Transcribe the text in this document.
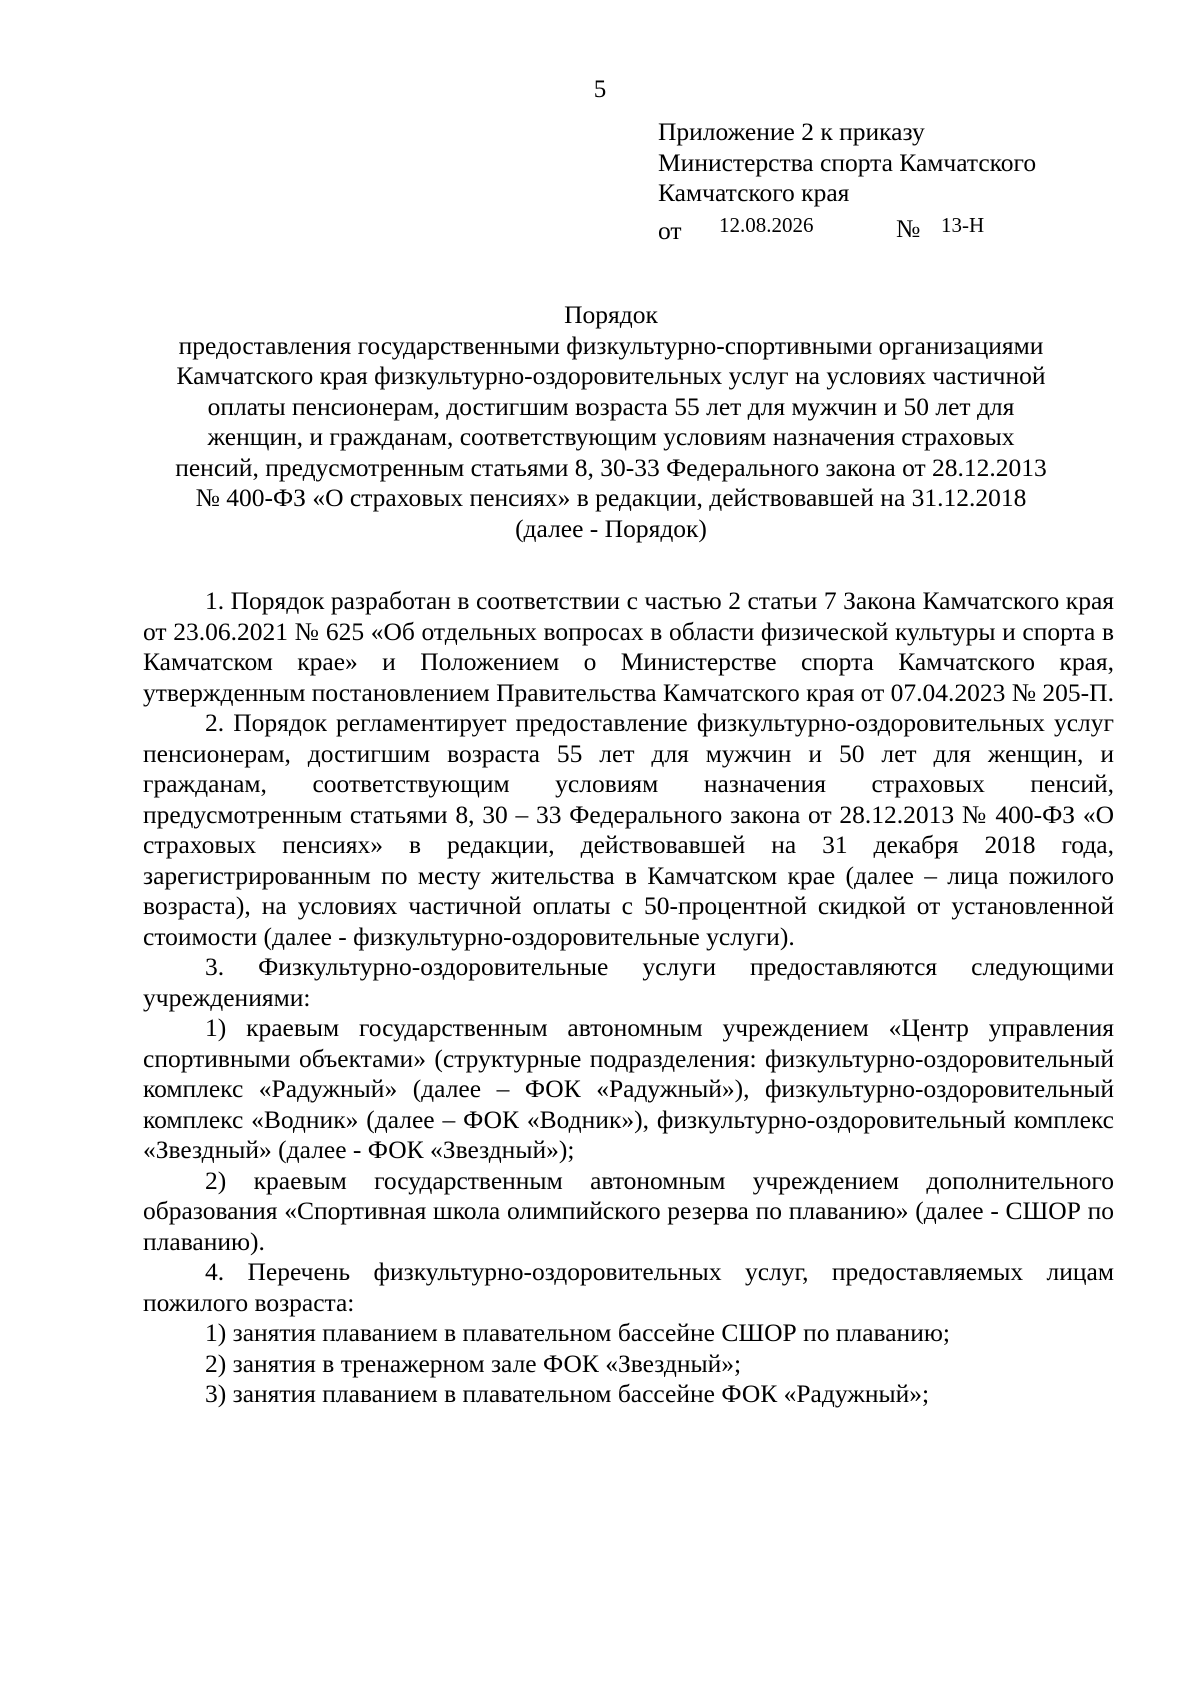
5

Приложение 2 к приказу
Министерства спорта Камчатского
Камчатского края
от 12.08.2026	№ 13-Н
Порядок
предоставления государственными физкультурно-спортивными организациями
Камчатского края физкультурно-оздоровительных услуг на условиях частичной
оплаты пенсионерам, достигшим возраста 55 лет для мужчин и 50 лет для
женщин, и гражданам, соответствующим условиям назначения страховых
пенсий, предусмотренным статьями 8, 30-33 Федерального закона от 28.12.2013
№ 400-ФЗ «О страховых пенсиях» в редакции, действовавшей на 31.12.2018
(далее - Порядок)

1. Порядок разработан в соответствии с частью 2 статьи 7 Закона Камчатского края от 23.06.2021 № 625 «Об отдельных вопросах в области физической культуры и спорта в Камчатском крае» и Положением о Министерстве спорта Камчатского края, утвержденным постановлением Правительства Камчатского края от 07.04.2023 № 205-П.

2. Порядок регламентирует предоставление физкультурно-оздоровительных услуг пенсионерам, достигшим возраста 55 лет для мужчин и 50 лет для женщин, и гражданам, соответствующим условиям назначения страховых пенсий, предусмотренным статьями 8, 30 – 33 Федерального закона от 28.12.2013 № 400-ФЗ «О страховых пенсиях» в редакции, действовавшей на 31 декабря 2018 года, зарегистрированным по месту жительства в Камчатском крае (далее – лица пожилого возраста), на условиях частичной оплаты с 50-процентной скидкой от установленной стоимости (далее - физкультурно-оздоровительные услуги).

3. Физкультурно-оздоровительные услуги предоставляются следующими учреждениями:

1) краевым государственным автономным учреждением «Центр управления спортивными объектами» (структурные подразделения: физкультурно-оздоровительный комплекс «Радужный» (далее – ФОК «Радужный»), физкультурно-оздоровительный комплекс «Водник» (далее – ФОК «Водник»), физкультурно-оздоровительный комплекс «Звездный» (далее - ФОК «Звездный»);

2) краевым государственным автономным учреждением дополнительного образования «Спортивная школа олимпийского резерва по плаванию» (далее - СШОР по плаванию).

4. Перечень физкультурно-оздоровительных услуг, предоставляемых лицам пожилого возраста:

1) занятия плаванием в плавательном бассейне СШОР по плаванию;

2) занятия в тренажерном зале ФОК «Звездный»;

3) занятия плаванием в плавательном бассейне ФОК «Радужный»;
